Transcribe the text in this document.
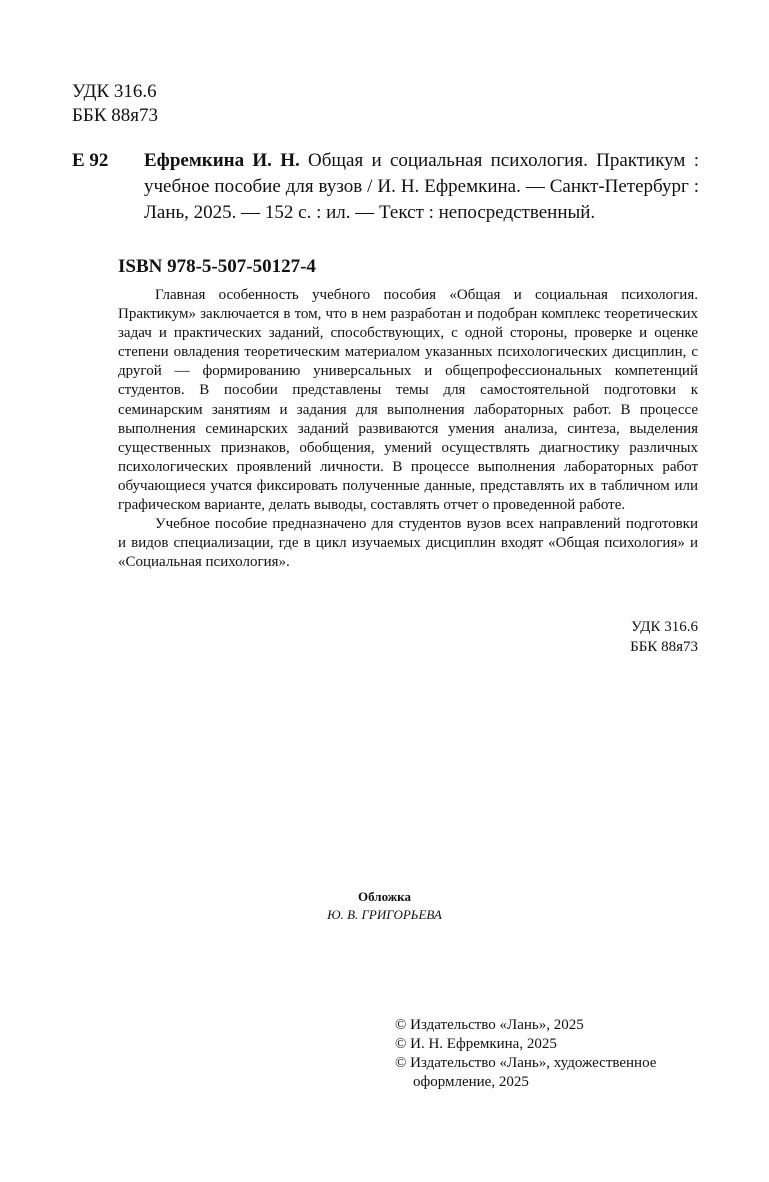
УДК 316.6
ББК 88я73
Е 92 Ефремкина И. Н. Общая и социальная психология. Практикум : учебное пособие для вузов / И. Н. Ефремкина. — Санкт-Петербург : Лань, 2025. — 152 с. : ил. — Текст : непосредственный.
ISBN 978-5-507-50127-4

Главная особенность учебного пособия «Общая и социальная психология. Практикум» заключается в том, что в нем разработан и подобран комплекс теоретических задач и практических заданий, способствующих, с одной стороны, проверке и оценке степени овладения теоретическим материалом указанных психологических дисциплин, с другой — формированию универсальных и общепрофессиональных компетенций студентов. В пособии представлены темы для самостоятельной подготовки к семинарским занятиям и задания для выполнения лабораторных работ. В процессе выполнения семинарских заданий развиваются умения анализа, синтеза, выделения существенных признаков, обобщения, умений осуществлять диагностику различных психологических проявлений личности. В процессе выполнения лабораторных работ обучающиеся учатся фиксировать полученные данные, представлять их в табличном или графическом варианте, делать выводы, составлять отчет о проведенной работе.

Учебное пособие предназначено для студентов вузов всех направлений подготовки и видов специализации, где в цикл изучаемых дисциплин входят «Общая психология» и «Социальная психология».

УДК 316.6
ББК 88я73
Обложка
Ю. В. ГРИГОРЬЕВА
© Издательство «Лань», 2025
© И. Н. Ефремкина, 2025
© Издательство «Лань», художественное оформление, 2025
